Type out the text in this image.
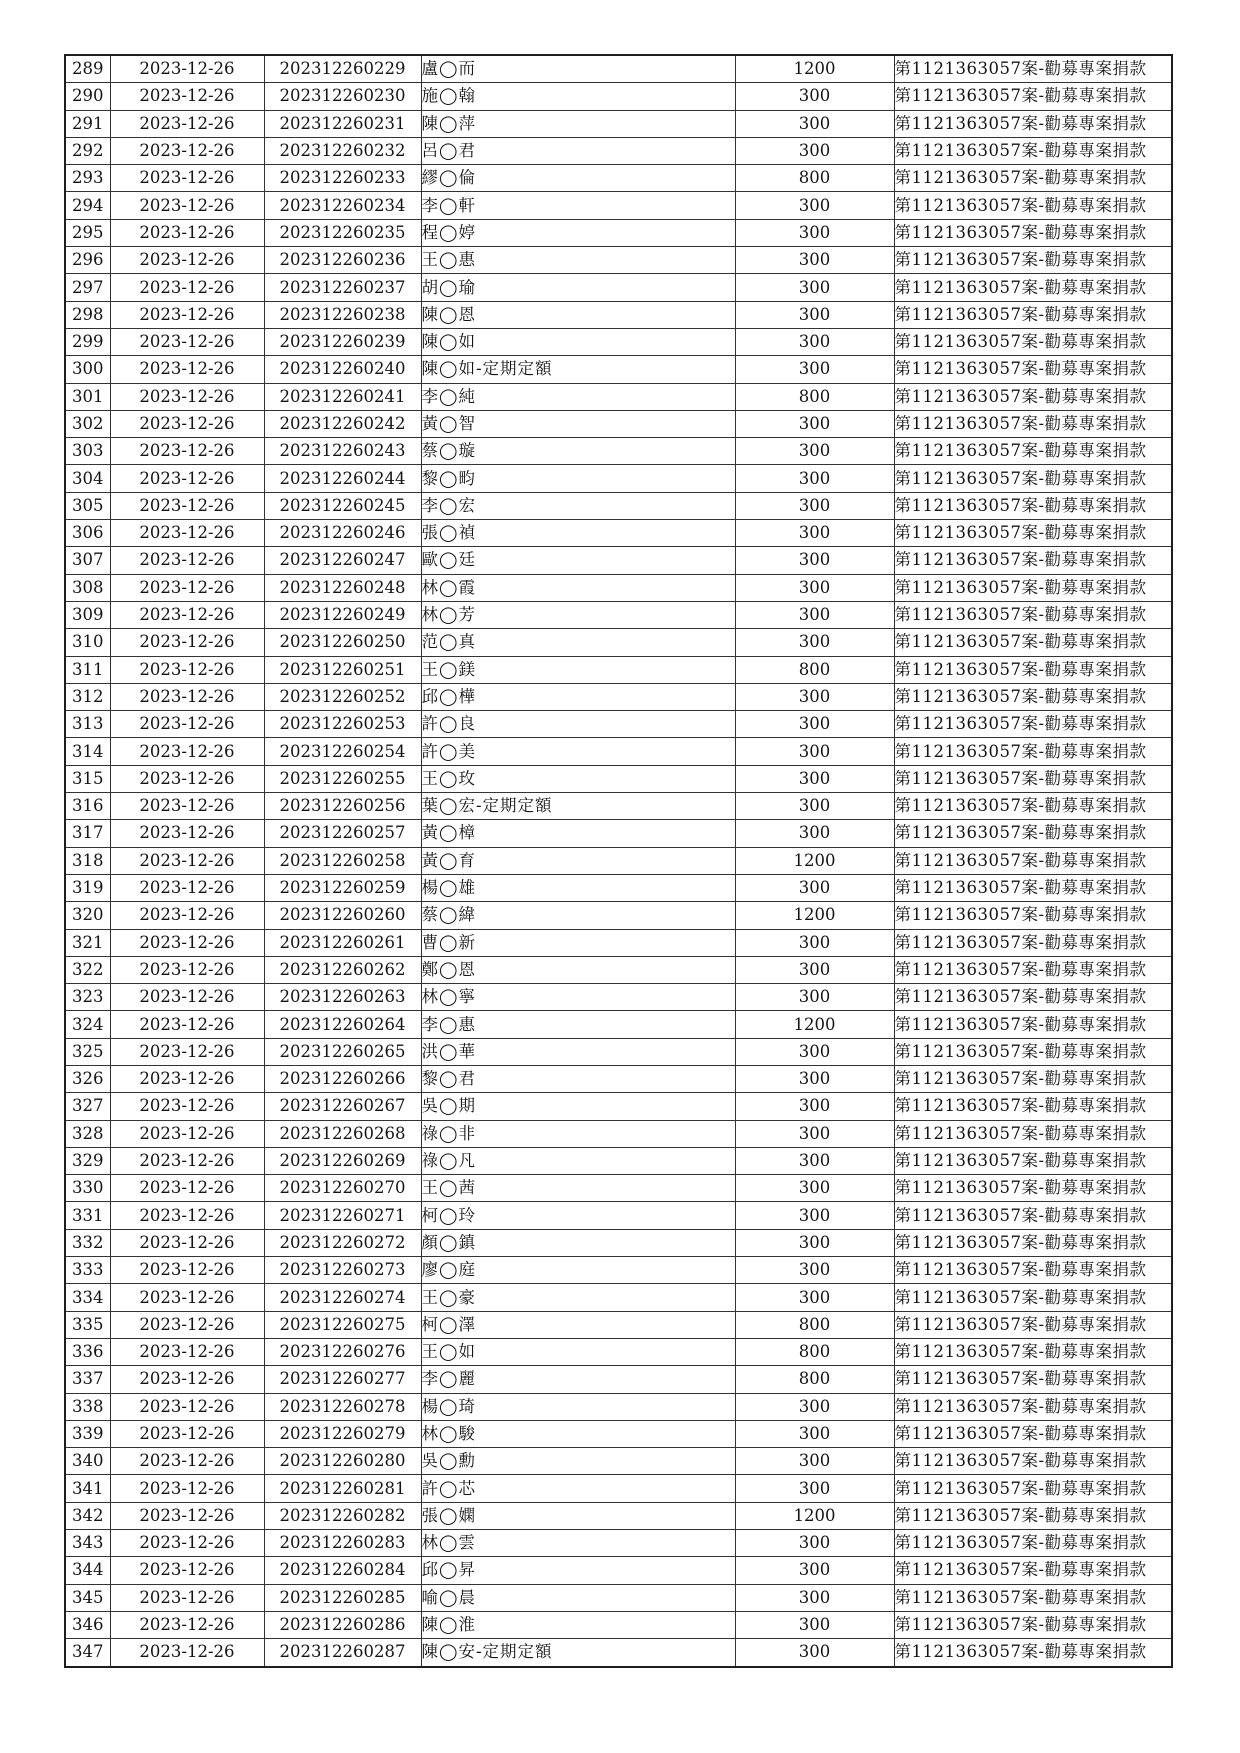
289	2023-12-26	202312260229	盧◯而	1200	第1121363057案-勸募專案捐款
290	2023-12-26	202312260230	施◯翰	300	第1121363057案-勸募專案捐款
291	2023-12-26	202312260231	陳◯萍	300	第1121363057案-勸募專案捐款
292	2023-12-26	202312260232	呂◯君	300	第1121363057案-勸募專案捐款
293	2023-12-26	202312260233	繆◯倫	800	第1121363057案-勸募專案捐款
294	2023-12-26	202312260234	李◯軒	300	第1121363057案-勸募專案捐款
295	2023-12-26	202312260235	程◯婷	300	第1121363057案-勸募專案捐款
296	2023-12-26	202312260236	王◯惠	300	第1121363057案-勸募專案捐款
297	2023-12-26	202312260237	胡◯瑜	300	第1121363057案-勸募專案捐款
298	2023-12-26	202312260238	陳◯恩	300	第1121363057案-勸募專案捐款
299	2023-12-26	202312260239	陳◯如	300	第1121363057案-勸募專案捐款
300	2023-12-26	202312260240	陳◯如-定期定額	300	第1121363057案-勸募專案捐款
301	2023-12-26	202312260241	李◯純	800	第1121363057案-勸募專案捐款
302	2023-12-26	202312260242	黃◯智	300	第1121363057案-勸募專案捐款
303	2023-12-26	202312260243	蔡◯璇	300	第1121363057案-勸募專案捐款
304	2023-12-26	202312260244	黎◯畇	300	第1121363057案-勸募專案捐款
305	2023-12-26	202312260245	李◯宏	300	第1121363057案-勸募專案捐款
306	2023-12-26	202312260246	張◯禎	300	第1121363057案-勸募專案捐款
307	2023-12-26	202312260247	歐◯廷	300	第1121363057案-勸募專案捐款
308	2023-12-26	202312260248	林◯霞	300	第1121363057案-勸募專案捐款
309	2023-12-26	202312260249	林◯芳	300	第1121363057案-勸募專案捐款
310	2023-12-26	202312260250	范◯真	300	第1121363057案-勸募專案捐款
311	2023-12-26	202312260251	王◯鎂	800	第1121363057案-勸募專案捐款
312	2023-12-26	202312260252	邱◯樺	300	第1121363057案-勸募專案捐款
313	2023-12-26	202312260253	許◯良	300	第1121363057案-勸募專案捐款
314	2023-12-26	202312260254	許◯美	300	第1121363057案-勸募專案捐款
315	2023-12-26	202312260255	王◯玫	300	第1121363057案-勸募專案捐款
316	2023-12-26	202312260256	葉◯宏-定期定額	300	第1121363057案-勸募專案捐款
317	2023-12-26	202312260257	黃◯樟	300	第1121363057案-勸募專案捐款
318	2023-12-26	202312260258	黃◯育	1200	第1121363057案-勸募專案捐款
319	2023-12-26	202312260259	楊◯雄	300	第1121363057案-勸募專案捐款
320	2023-12-26	202312260260	蔡◯緯	1200	第1121363057案-勸募專案捐款
321	2023-12-26	202312260261	曹◯新	300	第1121363057案-勸募專案捐款
322	2023-12-26	202312260262	鄭◯恩	300	第1121363057案-勸募專案捐款
323	2023-12-26	202312260263	林◯寧	300	第1121363057案-勸募專案捐款
324	2023-12-26	202312260264	李◯惠	1200	第1121363057案-勸募專案捐款
325	2023-12-26	202312260265	洪◯華	300	第1121363057案-勸募專案捐款
326	2023-12-26	202312260266	黎◯君	300	第1121363057案-勸募專案捐款
327	2023-12-26	202312260267	吳◯期	300	第1121363057案-勸募專案捐款
328	2023-12-26	202312260268	祿◯非	300	第1121363057案-勸募專案捐款
329	2023-12-26	202312260269	祿◯凡	300	第1121363057案-勸募專案捐款
330	2023-12-26	202312260270	王◯茜	300	第1121363057案-勸募專案捐款
331	2023-12-26	202312260271	柯◯玲	300	第1121363057案-勸募專案捐款
332	2023-12-26	202312260272	顏◯鎮	300	第1121363057案-勸募專案捐款
333	2023-12-26	202312260273	廖◯庭	300	第1121363057案-勸募專案捐款
334	2023-12-26	202312260274	王◯豪	300	第1121363057案-勸募專案捐款
335	2023-12-26	202312260275	柯◯澤	800	第1121363057案-勸募專案捐款
336	2023-12-26	202312260276	王◯如	800	第1121363057案-勸募專案捐款
337	2023-12-26	202312260277	李◯麗	800	第1121363057案-勸募專案捐款
338	2023-12-26	202312260278	楊◯琦	300	第1121363057案-勸募專案捐款
339	2023-12-26	202312260279	林◯駿	300	第1121363057案-勸募專案捐款
340	2023-12-26	202312260280	吳◯勳	300	第1121363057案-勸募專案捐款
341	2023-12-26	202312260281	許◯芯	300	第1121363057案-勸募專案捐款
342	2023-12-26	202312260282	張◯嫻	1200	第1121363057案-勸募專案捐款
343	2023-12-26	202312260283	林◯雲	300	第1121363057案-勸募專案捐款
344	2023-12-26	202312260284	邱◯昇	300	第1121363057案-勸募專案捐款
345	2023-12-26	202312260285	喻◯晨	300	第1121363057案-勸募專案捐款
346	2023-12-26	202312260286	陳◯淮	300	第1121363057案-勸募專案捐款
347	2023-12-26	202312260287	陳◯安-定期定額	300	第1121363057案-勸募專案捐款
